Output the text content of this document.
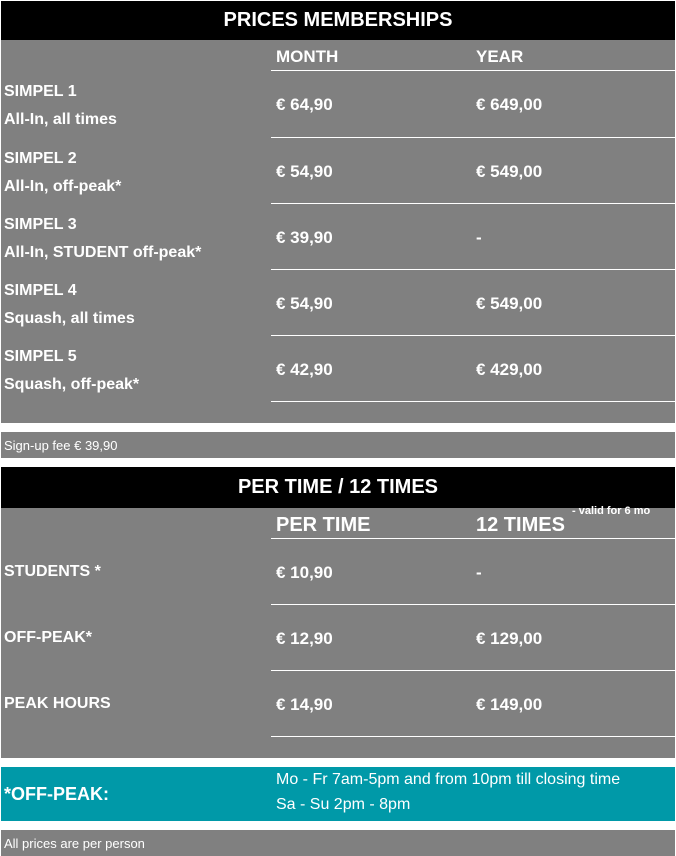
PRICES MEMBERSHIPS
MONTH	YEAR
SIMPEL 1
All-In, all times
€ 64,90	€ 649,00
SIMPEL 2
All-In, off-peak*
€ 54,90	€ 549,00
SIMPEL 3
All-In, STUDENT off-peak*
€ 39,90	-
SIMPEL 4
Squash, all times
€ 54,90	€ 549,00
SIMPEL 5
Squash, off-peak*
€ 42,90	€ 429,00
Sign-up fee € 39,90
PER TIME / 12 TIMES
PER TIME	12 TIMES
- valid for 6 mo
STUDENTS *	€ 10,90	-
OFF-PEAK*	€ 12,90	€ 129,00
PEAK HOURS	€ 14,90	€ 149,00
*OFF-PEAK:
Mo - Fr 7am-5pm and from 10pm till closing time
Sa - Su 2pm - 8pm
All prices are per person
